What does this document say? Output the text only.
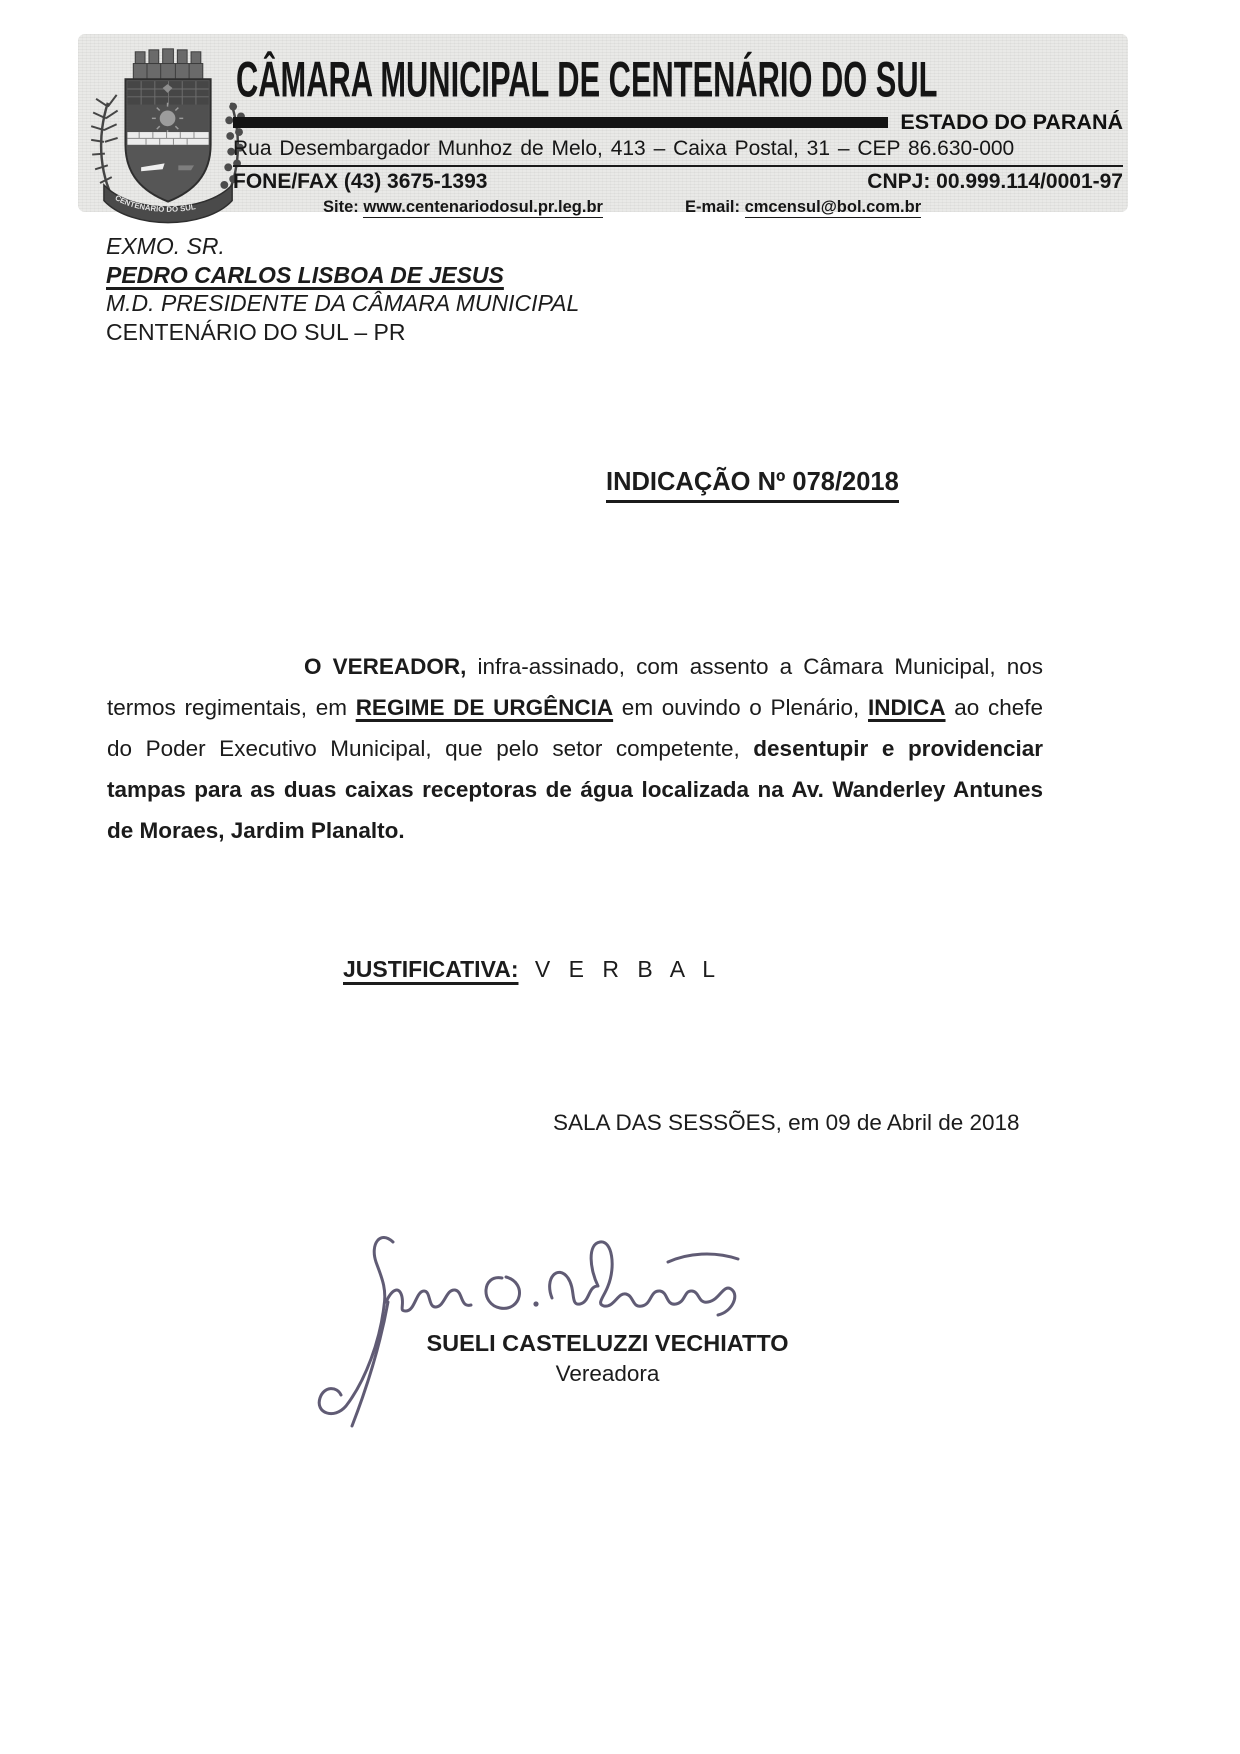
CENTENÁRIO DO SUL
CÂMARA MUNICIPAL DE CENTENÁRIO DO SUL
ESTADO DO PARANÁ
Rua Desembargador Munhoz de Melo, 413 – Caixa Postal, 31 – CEP 86.630-000
FONE/FAX (43) 3675-1393	CNPJ: 00.999.114/0001-97
Site: www.centenariodosul.pr.leg.br	E-mail: cmcensul@bol.com.br
EXMO. SR.
PEDRO CARLOS LISBOA DE JESUS
M.D. PRESIDENTE DA CÂMARA MUNICIPAL
CENTENÁRIO DO SUL – PR
INDICAÇÃO Nº 078/2018
O VEREADOR, infra-assinado, com assento a Câmara Municipal, nos termos regimentais, em REGIME DE URGÊNCIA em ouvindo o Plenário, INDICA ao chefe do Poder Executivo Municipal, que pelo setor competente, desentupir e providenciar tampas para as duas caixas receptoras de água localizada na Av. Wanderley Antunes de Moraes, Jardim Planalto.
JUSTIFICATIVA: V E R B A L
SALA DAS SESSÕES, em 09 de Abril de 2018
SUELI CASTELUZZI VECHIATTO
Vereadora
